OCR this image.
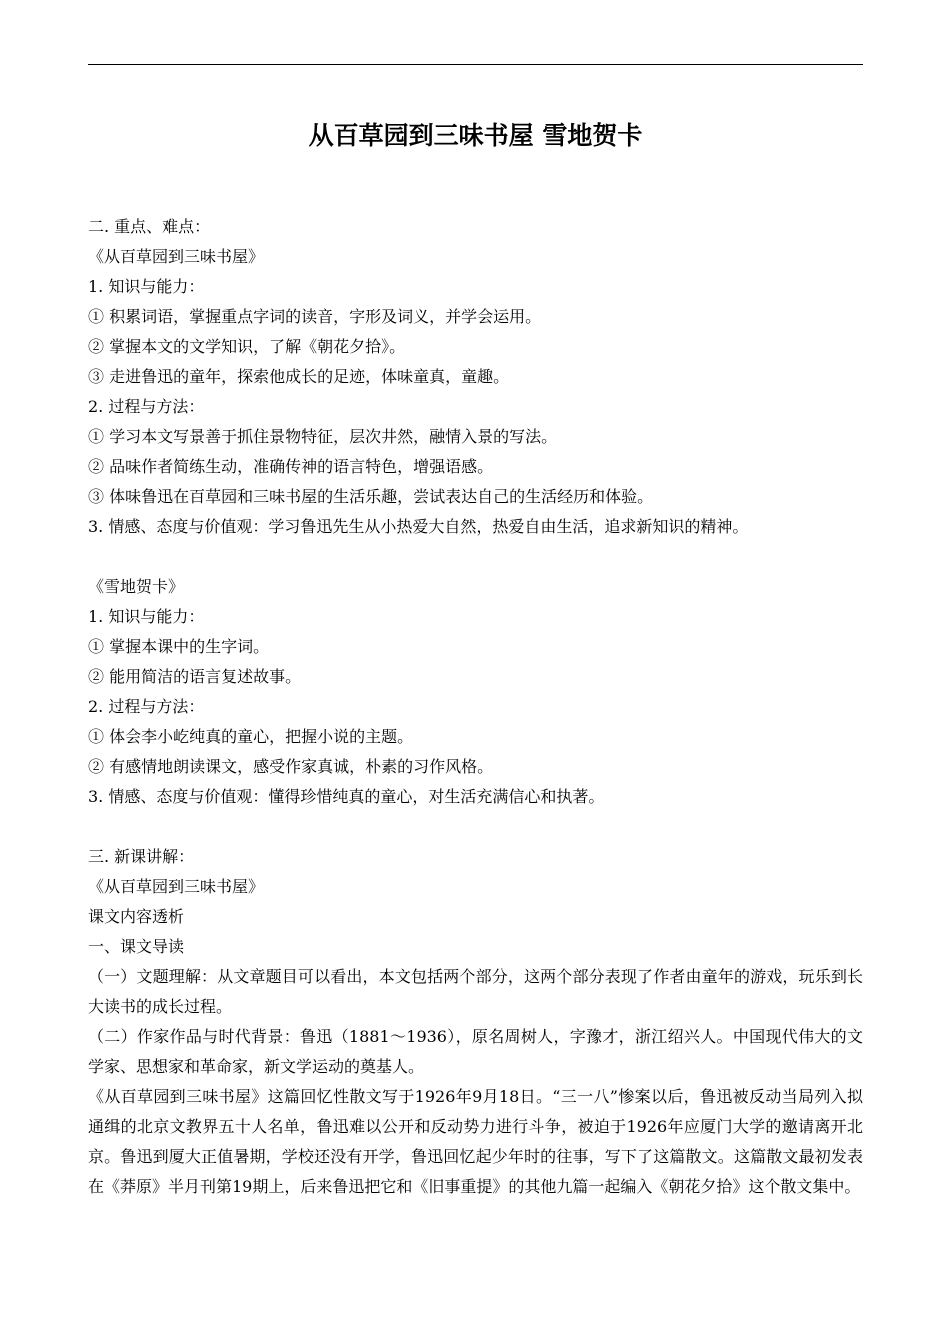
从百草园到三味书屋 雪地贺卡
二. 重点、难点：
《从百草园到三味书屋》
1. 知识与能力：
① 积累词语，掌握重点字词的读音，字形及词义，并学会运用。
② 掌握本文的文学知识，了解《朝花夕拾》。
③ 走进鲁迅的童年，探索他成长的足迹，体味童真，童趣。
2. 过程与方法：
① 学习本文写景善于抓住景物特征，层次井然，融情入景的写法。
② 品味作者简练生动，准确传神的语言特色，增强语感。
③ 体味鲁迅在百草园和三味书屋的生活乐趣，尝试表达自己的生活经历和体验。
3. 情感、态度与价值观：学习鲁迅先生从小热爱大自然，热爱自由生活，追求新知识的精神。
《雪地贺卡》
1. 知识与能力：
① 掌握本课中的生字词。
② 能用简洁的语言复述故事。
2. 过程与方法：
① 体会李小屹纯真的童心，把握小说的主题。
② 有感情地朗读课文，感受作家真诚，朴素的习作风格。
3. 情感、态度与价值观：懂得珍惜纯真的童心，对生活充满信心和执著。
三. 新课讲解：
《从百草园到三味书屋》
课文内容透析
一、课文导读
（一）文题理解：从文章题目可以看出，本文包括两个部分，这两个部分表现了作者由童年的游戏，玩乐到长大读书的成长过程。
（二）作家作品与时代背景：鲁迅（1881～1936），原名周树人，字豫才，浙江绍兴人。中国现代伟大的文学家、思想家和革命家，新文学运动的奠基人。
《从百草园到三味书屋》这篇回忆性散文写于1926年9月18日。“三一八”惨案以后，鲁迅被反动当局列入拟通缉的北京文教界五十人名单，鲁迅难以公开和反动势力进行斗争，被迫于1926年应厦门大学的邀请离开北京。鲁迅到厦大正值暑期，学校还没有开学，鲁迅回忆起少年时的往事，写下了这篇散文。这篇散文最初发表在《莽原》半月刊第19期上，后来鲁迅把它和《旧事重提》的其他九篇一起编入《朝花夕拾》这个散文集中。
